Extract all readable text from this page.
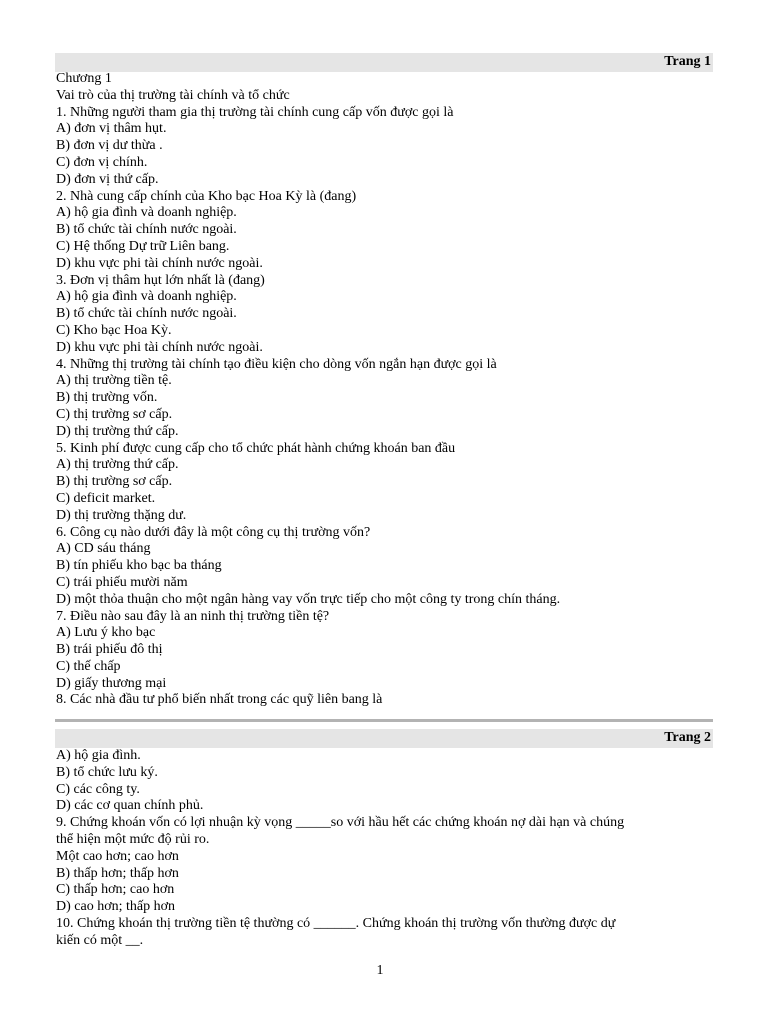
Trang 1
Chương 1
Vai trò của thị trường tài chính và tổ chức
1. Những người tham gia thị trường tài chính cung cấp vốn được gọi là
A) đơn vị thâm hụt.
B) đơn vị dư thừa .
C) đơn vị chính.
D) đơn vị thứ cấp.
2. Nhà cung cấp chính của Kho bạc Hoa Kỳ là (đang)
A) hộ gia đình và doanh nghiệp.
B) tổ chức tài chính nước ngoài.
C) Hệ thống Dự trữ Liên bang.
D) khu vực phi tài chính nước ngoài.
3. Đơn vị thâm hụt lớn nhất là (đang)
A) hộ gia đình và doanh nghiệp.
B) tổ chức tài chính nước ngoài.
C) Kho bạc Hoa Kỳ.
D) khu vực phi tài chính nước ngoài.
4. Những thị trường tài chính tạo điều kiện cho dòng vốn ngắn hạn được gọi là
A) thị trường tiền tệ.
B) thị trường vốn.
C) thị trường sơ cấp.
D) thị trường thứ cấp.
5. Kinh phí được cung cấp cho tổ chức phát hành chứng khoán ban đầu
A) thị trường thứ cấp.
B) thị trường sơ cấp.
C) deficit market.
D) thị trường thặng dư.
6. Công cụ nào dưới đây là một công cụ thị trường vốn?
A) CD sáu tháng
B) tín phiếu kho bạc ba tháng
C) trái phiếu mười năm
D) một thỏa thuận cho một ngân hàng vay vốn trực tiếp cho một công ty trong chín tháng.
7. Điều nào sau đây là an ninh thị trường tiền tệ?
A) Lưu ý kho bạc
B) trái phiếu đô thị
C) thế chấp
D) giấy thương mại
8. Các nhà đầu tư phổ biến nhất trong các quỹ liên bang là
Trang 2
A) hộ gia đình.
B) tổ chức lưu ký.
C) các công ty.
D) các cơ quan chính phủ.
9. Chứng khoán vốn có lợi nhuận kỳ vọng _____so với hầu hết các chứng khoán nợ dài hạn và chúng
thể hiện một mức độ rủi ro.
Một cao hơn; cao hơn
B) thấp hơn; thấp hơn
C) thấp hơn; cao hơn
D) cao hơn; thấp hơn
10. Chứng khoán thị trường tiền tệ thường có ______. Chứng khoán thị trường vốn thường được dự
kiến có một __.
1
